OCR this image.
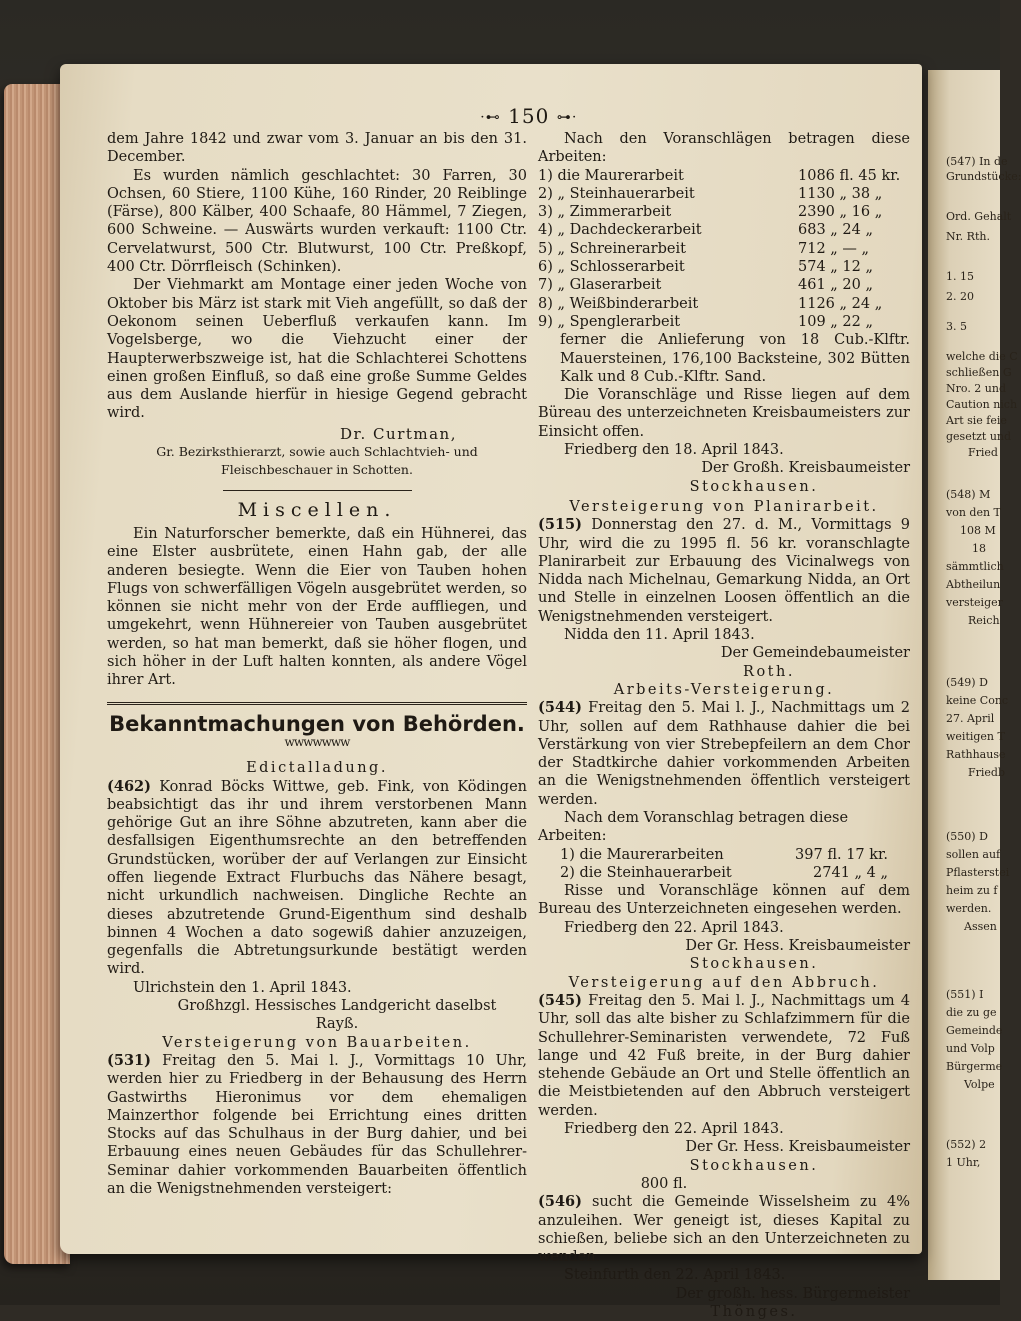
(547) In de
Grundstücke:
Ord. Gehalt
Nr. Rth.
1. 15
2. 20
3. 5
welche die C
schließen G
Nro. 2 und
Caution nich
Art sie feie
gesetzt und
Fried
(548) M
von den T
108 M
18
sämmtlich
Abtheilun
versteiger
Reich
(549) D
keine Conc
27. April
weitigen T
Rathhause
Friedb
(550) D
sollen auf
Pflasterstei
heim zu f
werden.
Assen
(551) I
die zu ge
Gemeinde
und Volp
Bürgerme
Volpe
(552) 2
1 Uhr,
⋅⊷ 150 ⊶⋅

dem Jahre 1842 und zwar vom 3. Januar an bis den 31. December.

Es wurden nämlich geschlachtet: 30 Farren, 30 Ochsen, 60 Stiere, 1100 Kühe, 160 Rinder, 20 Reiblinge (Färse), 800 Kälber, 400 Schaafe, 80 Hämmel, 7 Ziegen, 600 Schweine. — Auswärts wurden verkauft: 1100 Ctr. Cervelatwurst, 500 Ctr. Blutwurst, 100 Ctr. Preßkopf, 400 Ctr. Dörrfleisch (Schinken).

Der Viehmarkt am Montage einer jeden Woche von Oktober bis März ist stark mit Vieh angefüllt, so daß der Oekonom seinen Ueberfluß verkaufen kann. Im Vogelsberge, wo die Viehzucht einer der Haupterwerbszweige ist, hat die Schlachterei Schottens einen großen Einfluß, so daß eine große Summe Geldes aus dem Auslande hierfür in hiesige Gegend gebracht wird.

Dr. Curtman,

Gr. Bezirksthierarzt, sowie auch Schlachtvieh- und Fleischbeschauer in Schotten.

Miscellen.

Ein Naturforscher bemerkte, daß ein Hühnerei, das eine Elster ausbrütete, einen Hahn gab, der alle anderen besiegte. Wenn die Eier von Tauben hohen Flugs von schwerfälligen Vögeln ausgebrütet werden, so können sie nicht mehr von der Erde auffliegen, und umgekehrt, wenn Hühnereier von Tauben ausgebrütet werden, so hat man bemerkt, daß sie höher flogen, und sich höher in der Luft halten konnten, als andere Vögel ihrer Art.

Bekanntmachungen von Behörden.

wwwwwww

Edictalladung.

(462) Konrad Böcks Wittwe, geb. Fink, von Ködingen beabsichtigt das ihr und ihrem verstorbenen Mann gehörige Gut an ihre Söhne abzutreten, kann aber die desfallsigen Eigenthumsrechte an den betreffenden Grundstücken, worüber der auf Verlangen zur Einsicht offen liegende Extract Flurbuchs das Nähere besagt, nicht urkundlich nachweisen. Dingliche Rechte an dieses abzutretende Grund-Eigenthum sind deshalb binnen 4 Wochen a dato sogewiß dahier anzuzeigen, gegenfalls die Abtretungsurkunde bestätigt werden wird.

Ulrichstein den 1. April 1843.

Großhzgl. Hessisches Landgericht daselbst

Rayß.

Versteigerung von Bauarbeiten.

(531) Freitag den 5. Mai l. J., Vormittags 10 Uhr, werden hier zu Friedberg in der Behausung des Herrn Gastwirths Hieronimus vor dem ehemaligen Mainzerthor folgende bei Errichtung eines dritten Stocks auf das Schulhaus in der Burg dahier, und bei Erbauung eines neuen Gebäudes für das Schullehrer-Seminar dahier vorkommenden Bauarbeiten öffentlich an die Wenigstnehmenden versteigert:

Nach den Voranschlägen betragen diese Arbeiten:

1) die Maurerarbeit	1086 fl. 45 kr.
2) „ Steinhauerarbeit	1130 „ 38 „
3) „ Zimmerarbeit	2390 „ 16 „
4) „ Dachdeckerarbeit	683 „ 24 „
5) „ Schreinerarbeit	712 „ — „
6) „ Schlosserarbeit	574 „ 12 „
7) „ Glaserarbeit	461 „ 20 „
8) „ Weißbinderarbeit	1126 „ 24 „
9) „ Spenglerarbeit	109 „ 22 „

ferner die Anlieferung von 18 Cub.-Klftr. Mauersteinen, 176,100 Backsteine, 302 Bütten Kalk und 8 Cub.-Klftr. Sand.

Die Voranschläge und Risse liegen auf dem Büreau des unterzeichneten Kreisbaumeisters zur Einsicht offen.

Friedberg den 18. April 1843.

Der Großh. Kreisbaumeister

Stockhausen.

Versteigerung von Planirarbeit.

(515) Donnerstag den 27. d. M., Vormittags 9 Uhr, wird die zu 1995 fl. 56 kr. voranschlagte Planirarbeit zur Erbauung des Vicinalwegs von Nidda nach Michelnau, Gemarkung Nidda, an Ort und Stelle in einzelnen Loosen öffentlich an die Wenigstnehmenden versteigert.

Nidda den 11. April 1843.

Der Gemeindebaumeister

Roth.

Arbeits-Versteigerung.

(544) Freitag den 5. Mai l. J., Nachmittags um 2 Uhr, sollen auf dem Rathhause dahier die bei Verstärkung von vier Strebepfeilern an dem Chor der Stadtkirche dahier vorkommenden Arbeiten an die Wenigstnehmenden öffentlich versteigert werden.

Nach dem Voranschlag betragen diese Arbeiten:

1) die Maurerarbeiten	397 fl. 17 kr.
2) die Steinhauerarbeit	2741 „ 4 „

Risse und Voranschläge können auf dem Bureau des Unterzeichneten eingesehen werden.

Friedberg den 22. April 1843.

Der Gr. Hess. Kreisbaumeister

Stockhausen.

Versteigerung auf den Abbruch.

(545) Freitag den 5. Mai l. J., Nachmittags um 4 Uhr, soll das alte bisher zu Schlafzimmern für die Schullehrer-Seminaristen verwendete, 72 Fuß lange und 42 Fuß breite, in der Burg dahier stehende Gebäude an Ort und Stelle öffentlich an die Meistbietenden auf den Abbruch versteigert werden.

Friedberg den 22. April 1843.

Der Gr. Hess. Kreisbaumeister

Stockhausen.

800 fl.

(546) sucht die Gemeinde Wisselsheim zu 4% anzuleihen. Wer geneigt ist, dieses Kapital zu schießen, beliebe sich an den Unterzeichneten zu wenden.

Steinfurth den 22. April 1843.

Der großh. hess. Bürgermeister

Thönges.
